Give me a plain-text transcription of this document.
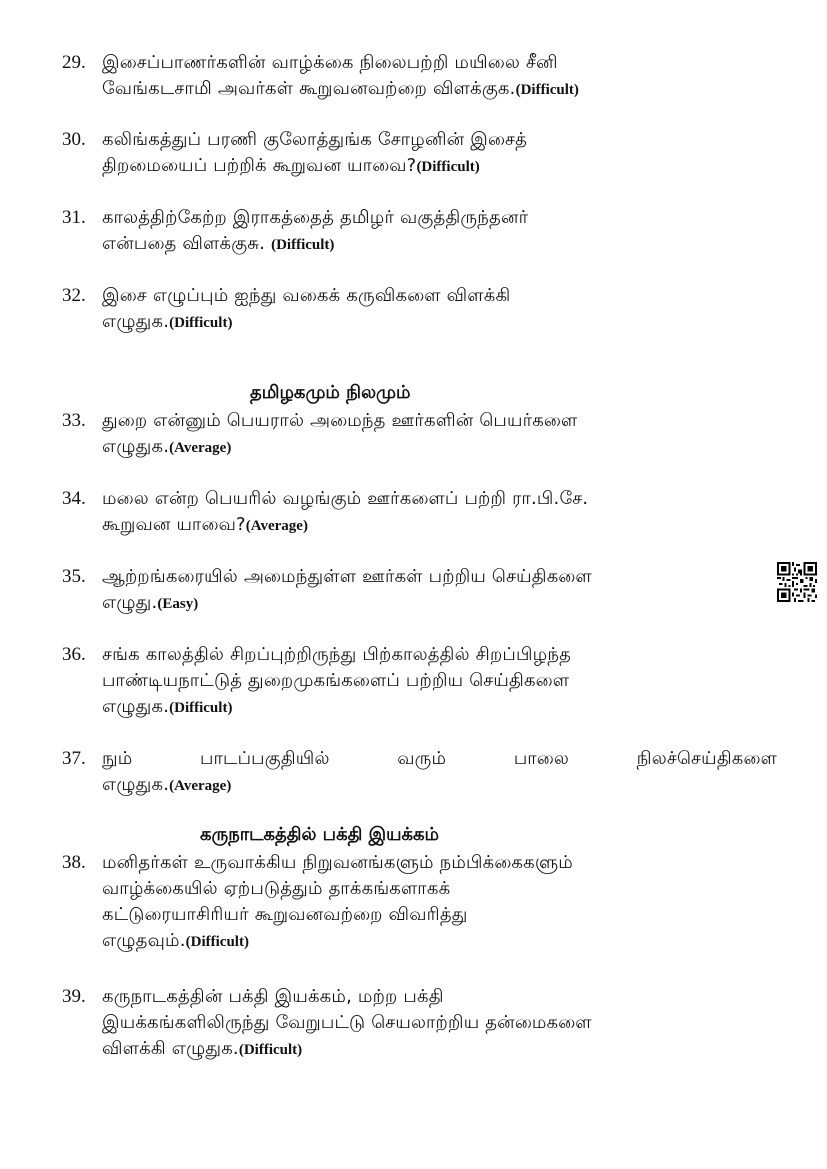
29. இசைப்பாணர்களின் வாழ்க்கை நிலைபற்றி மயிலை சீனி
வேங்கடசாமி அவர்கள் கூறுவனவற்றை விளக்குக.(Difficult)
30. கலிங்கத்துப் பரணி குலோத்துங்க சோழனின் இசைத்
திறமையைப் பற்றிக் கூறுவன யாவை?(Difficult)
31. காலத்திற்கேற்ற இராகத்தைத் தமிழர் வகுத்திருந்தனர்
என்பதை விளக்குசு. (Difficult)
32. இசை எழுப்பும் ஐந்து வகைக் கருவிகளை விளக்கி
எழுதுக.(Difficult)
தமிழகமும் நிலமும்
33. துறை என்னும் பெயரால் அமைந்த ஊர்களின் பெயர்களை
எழுதுக.(Average)
34. மலை என்ற பெயரில் வழங்கும் ஊர்களைப் பற்றி ரா.பி.சே.
கூறுவன யாவை?(Average)
35. ஆற்றங்கரையில் அமைந்துள்ள ஊர்கள் பற்றிய செய்திகளை
எழுது.(Easy)
36. சங்க காலத்தில் சிறப்புற்றிருந்து பிற்காலத்தில் சிறப்பிழந்த
பாண்டியநாட்டுத் துறைமுகங்களைப் பற்றிய செய்திகளை
எழுதுக.(Difficult)
37. நும்	பாடப்பகுதியில்	வரும்	பாலை	நிலச்செய்திகளை
எழுதுக.(Average)
கருநாடகத்தில் பக்தி இயக்கம்
38. மனிதர்கள் உருவாக்கிய நிறுவனங்களும் நம்பிக்கைகளும்
வாழ்க்கையில் ஏற்படுத்தும் தாக்கங்களாகக்
கட்டுரையாசிரியர் கூறுவனவற்றை விவரித்து
எழுதவும்.(Difficult)
39. கருநாடகத்தின் பக்தி இயக்கம், மற்ற பக்தி
இயக்கங்களிலிருந்து வேறுபட்டு செயலாற்றிய தன்மைகளை
விளக்கி எழுதுக.(Difficult)
